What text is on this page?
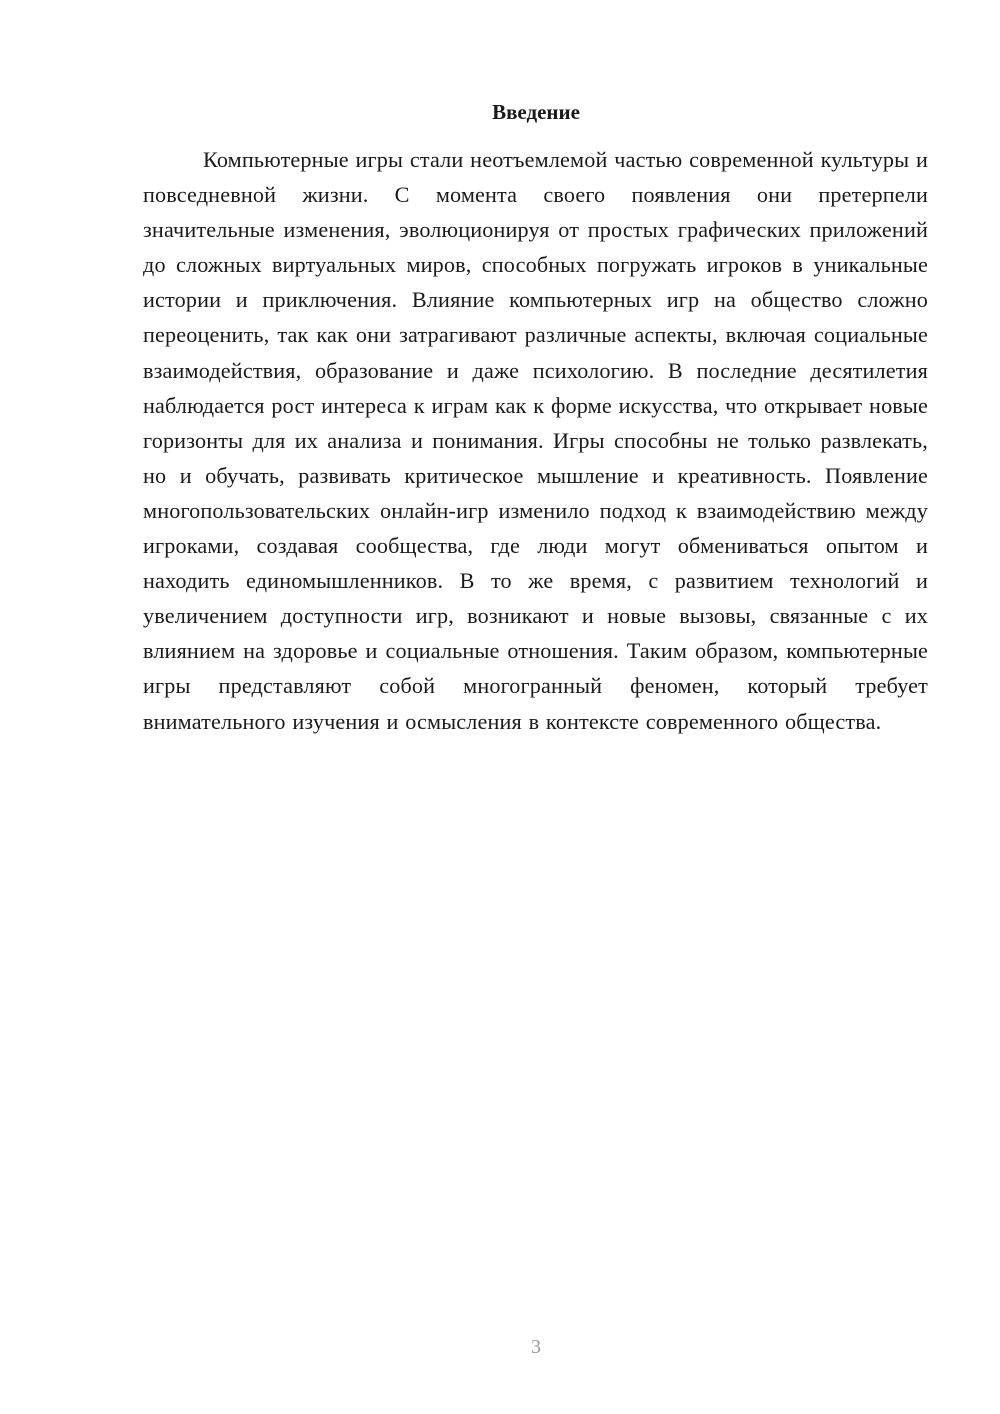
Введение

Компьютерные игры стали неотъемлемой частью современной культуры и повседневной жизни. С момента своего появления они претерпели значительные изменения, эволюционируя от простых графических приложений до сложных виртуальных миров, способных погружать игроков в уникальные истории и приключения. Влияние компьютерных игр на общество сложно переоценить, так как они затрагивают различные аспекты, включая социальные взаимодействия, образование и даже психологию. В последние десятилетия наблюдается рост интереса к играм как к форме искусства, что открывает новые горизонты для их анализа и понимания. Игры способны не только развлекать, но и обучать, развивать критическое мышление и креативность. Появление многопользовательских онлайн-игр изменило подход к взаимодействию между игроками, создавая сообщества, где люди могут обмениваться опытом и находить единомышленников. В то же время, с развитием технологий и увеличением доступности игр, возникают и новые вызовы, связанные с их влиянием на здоровье и социальные отношения. Таким образом, компьютерные игры представляют собой многогранный феномен, который требует внимательного изучения и осмысления в контексте современного общества.

3
